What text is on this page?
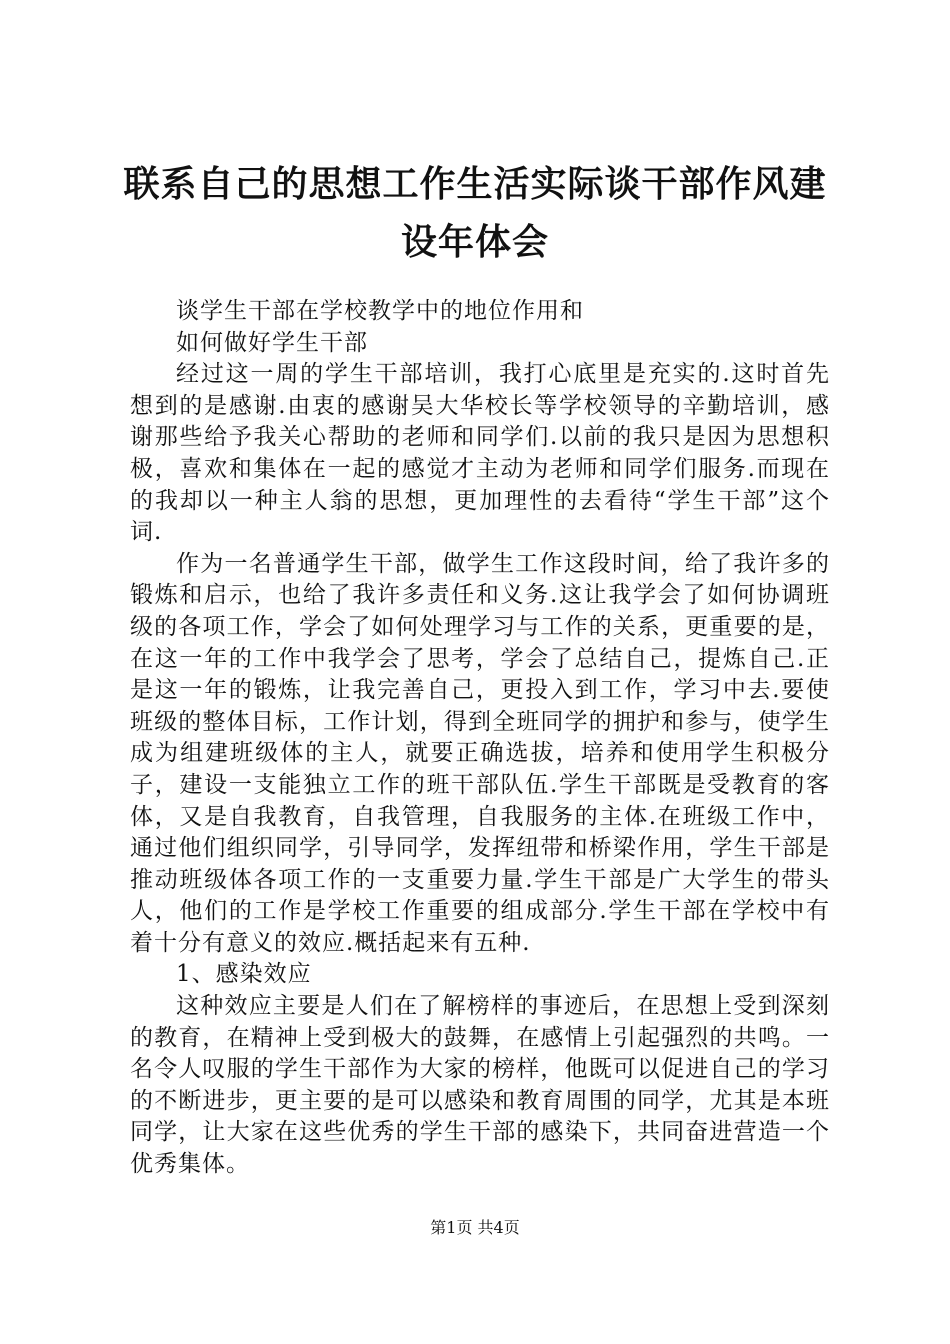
联系自己的思想工作生活实际谈干部作风建设年体会

谈学生干部在学校教学中的地位作用和

如何做好学生干部

经过这一周的学生干部培训，我打心底里是充实的.这时首先想到的是感谢.由衷的感谢吴大华校长等学校领导的辛勤培训，感谢那些给予我关心帮助的老师和同学们.以前的我只是因为思想积极，喜欢和集体在一起的感觉才主动为老师和同学们服务.而现在的我却以一种主人翁的思想，更加理性的去看待“学生干部”这个词.

作为一名普通学生干部，做学生工作这段时间，给了我许多的锻炼和启示，也给了我许多责任和义务.这让我学会了如何协调班级的各项工作，学会了如何处理学习与工作的关系，更重要的是，在这一年的工作中我学会了思考，学会了总结自己，提炼自己.正是这一年的锻炼，让我完善自己，更投入到工作，学习中去.要使班级的整体目标，工作计划，得到全班同学的拥护和参与，使学生成为组建班级体的主人，就要正确选拔，培养和使用学生积极分子，建设一支能独立工作的班干部队伍.学生干部既是受教育的客体，又是自我教育，自我管理，自我服务的主体.在班级工作中，通过他们组织同学，引导同学，发挥纽带和桥梁作用，学生干部是推动班级体各项工作的一支重要力量.学生干部是广大学生的带头人，他们的工作是学校工作重要的组成部分.学生干部在学校中有着十分有意义的效应.概括起来有五种.

1、感染效应

这种效应主要是人们在了解榜样的事迹后，在思想上受到深刻的教育，在精神上受到极大的鼓舞，在感情上引起强烈的共鸣。一名令人叹服的学生干部作为大家的榜样，他既可以促进自己的学习的不断进步，更主要的是可以感染和教育周围的同学，尤其是本班同学，让大家在这些优秀的学生干部的感染下，共同奋进营造一个优秀集体。

第1页 共4页
